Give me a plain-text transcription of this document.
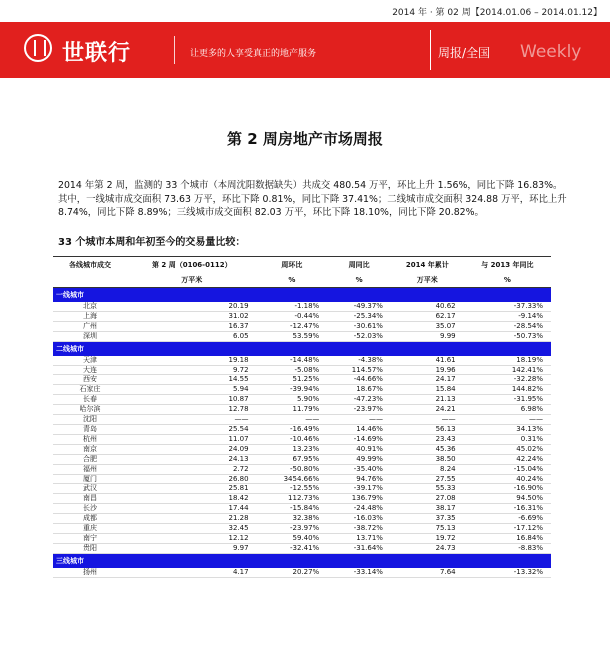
2014 年 · 第 02 周【2014.01.06 – 2014.01.12】
世联行	让更多的人享受真正的地产服务	周报/全国 Weekly
第 2 周房地产市场周报

2014 年第 2 周，监测的 33 个城市（本周沈阳数据缺失）共成交 480.54 万平，环比上升 1.56%，同比下降 16.83%。其中，一线城市成交面积 73.63 万平，环比下降 0.81%，同比下降 37.41%；二线城市成交面积 324.88 万平，环比上升 8.74%，同比下降 8.89%；三线城市成交面积 82.03 万平，环比下降 18.10%，同比下降 20.82%。

33 个城市本周和年初至今的交易量比较：

各线城市成交	第 2 周（0106-0112）	周环比	周同比	2014 年累计	与 2013 年同比
	万平米	%	%	万平米	%
一线城市					
北京	20.19	-1.18%	-49.37%	40.62	-37.33%
上海	31.02	-0.44%	-25.34%	62.17	-9.14%
广州	16.37	-12.47%	-30.61%	35.07	-28.54%
深圳	6.05	53.59%	-52.03%	9.99	-50.73%
二线城市					
天津	19.18	-14.48%	-4.38%	41.61	18.19%
大连	9.72	-5.08%	114.57%	19.96	142.41%
西安	14.55	51.25%	-44.66%	24.17	-32.28%
石家庄	5.94	-39.94%	18.67%	15.84	144.82%
长春	10.87	5.90%	-47.23%	21.13	-31.95%
哈尔滨	12.78	11.79%	-23.97%	24.21	6.98%
沈阳	——	——	——	——	——
青岛	25.54	-16.49%	14.46%	56.13	34.13%
杭州	11.07	-10.46%	-14.69%	23.43	0.31%
南京	24.09	13.23%	40.91%	45.36	45.02%
合肥	24.13	67.95%	49.99%	38.50	42.24%
福州	2.72	-50.80%	-35.40%	8.24	-15.04%
厦门	26.80	3454.66%	94.76%	27.55	40.24%
武汉	25.81	-12.55%	-39.17%	55.33	-16.90%
南昌	18.42	112.73%	136.79%	27.08	94.50%
长沙	17.44	-15.84%	-24.48%	38.17	-16.31%
成都	21.28	32.38%	-16.03%	37.35	-6.69%
重庆	32.45	-23.97%	-38.72%	75.13	-17.12%
南宁	12.12	59.40%	13.71%	19.72	16.84%
贵阳	9.97	-32.41%	-31.64%	24.73	-8.83%
三线城市					
扬州	4.17	20.27%	-33.14%	7.64	-13.32%
